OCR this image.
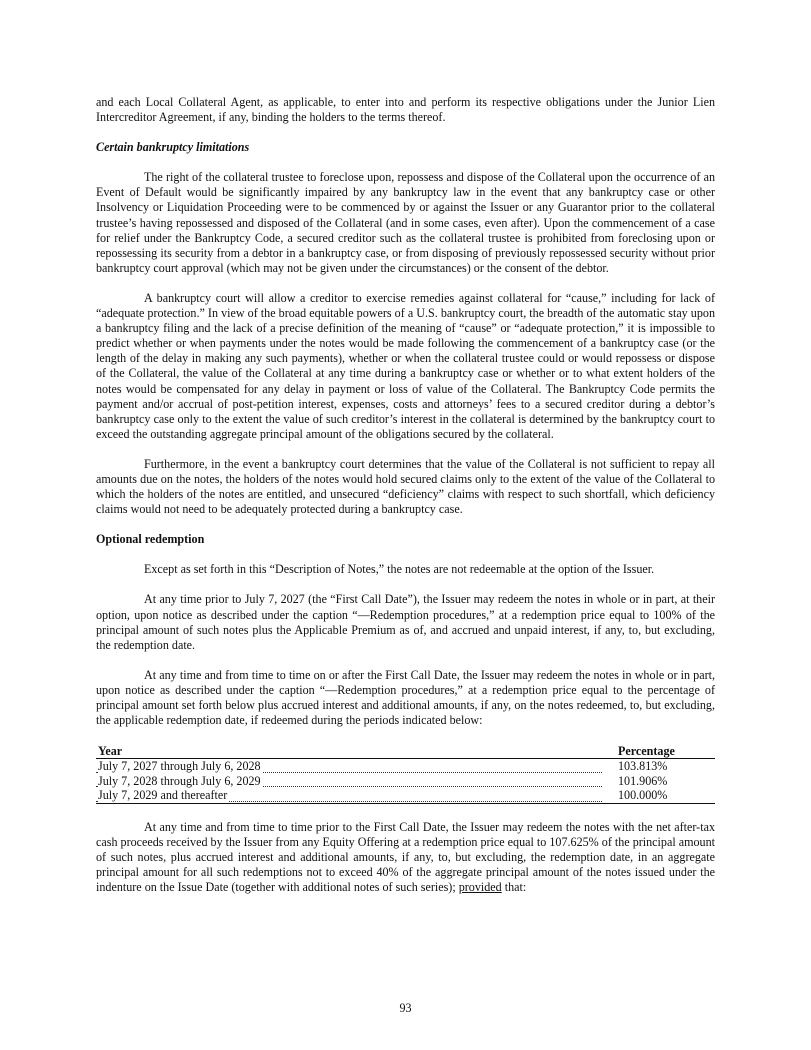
and each Local Collateral Agent, as applicable, to enter into and perform its respective obligations under the Junior Lien Intercreditor Agreement, if any, binding the holders to the terms thereof.

Certain bankruptcy limitations

The right of the collateral trustee to foreclose upon, repossess and dispose of the Collateral upon the occurrence of an Event of Default would be significantly impaired by any bankruptcy law in the event that any bankruptcy case or other Insolvency or Liquidation Proceeding were to be commenced by or against the Issuer or any Guarantor prior to the collateral trustee’s having repossessed and disposed of the Collateral (and in some cases, even after). Upon the commencement of a case for relief under the Bankruptcy Code, a secured creditor such as the collateral trustee is prohibited from foreclosing upon or repossessing its security from a debtor in a bankruptcy case, or from disposing of previously repossessed security without prior bankruptcy court approval (which may not be given under the circumstances) or the consent of the debtor.

A bankruptcy court will allow a creditor to exercise remedies against collateral for “cause,” including for lack of “adequate protection.” In view of the broad equitable powers of a U.S. bankruptcy court, the breadth of the automatic stay upon a bankruptcy filing and the lack of a precise definition of the meaning of “cause” or “adequate protection,” it is impossible to predict whether or when payments under the notes would be made following the commencement of a bankruptcy case (or the length of the delay in making any such payments), whether or when the collateral trustee could or would repossess or dispose of the Collateral, the value of the Collateral at any time during a bankruptcy case or whether or to what extent holders of the notes would be compensated for any delay in payment or loss of value of the Collateral. The Bankruptcy Code permits the payment and/or accrual of post-petition interest, expenses, costs and attorneys’ fees to a secured creditor during a debtor’s bankruptcy case only to the extent the value of such creditor’s interest in the collateral is determined by the bankruptcy court to exceed the outstanding aggregate principal amount of the obligations secured by the collateral.

Furthermore, in the event a bankruptcy court determines that the value of the Collateral is not sufficient to repay all amounts due on the notes, the holders of the notes would hold secured claims only to the extent of the value of the Collateral to which the holders of the notes are entitled, and unsecured “deficiency” claims with respect to such shortfall, which deficiency claims would not need to be adequately protected during a bankruptcy case.

Optional redemption

Except as set forth in this “Description of Notes,” the notes are not redeemable at the option of the Issuer.

At any time prior to July 7, 2027 (the “First Call Date”), the Issuer may redeem the notes in whole or in part, at their option, upon notice as described under the caption “—Redemption procedures,” at a redemption price equal to 100% of the principal amount of such notes plus the Applicable Premium as of, and accrued and unpaid interest, if any, to, but excluding, the redemption date.

At any time and from time to time on or after the First Call Date, the Issuer may redeem the notes in whole or in part, upon notice as described under the caption “—Redemption procedures,” at a redemption price equal to the percentage of principal amount set forth below plus accrued interest and additional amounts, if any, on the notes redeemed, to, but excluding, the applicable redemption date, if redeemed during the periods indicated below:

Year	Percentage
July 7, 2027 through July 6, 2028	103.813%
July 7, 2028 through July 6, 2029	101.906%
July 7, 2029 and thereafter	100.000%

At any time and from time to time prior to the First Call Date, the Issuer may redeem the notes with the net after-tax cash proceeds received by the Issuer from any Equity Offering at a redemption price equal to 107.625% of the principal amount of such notes, plus accrued interest and additional amounts, if any, to, but excluding, the redemption date, in an aggregate principal amount for all such redemptions not to exceed 40% of the aggregate principal amount of the notes issued under the indenture on the Issue Date (together with additional notes of such series); provided that:

93
